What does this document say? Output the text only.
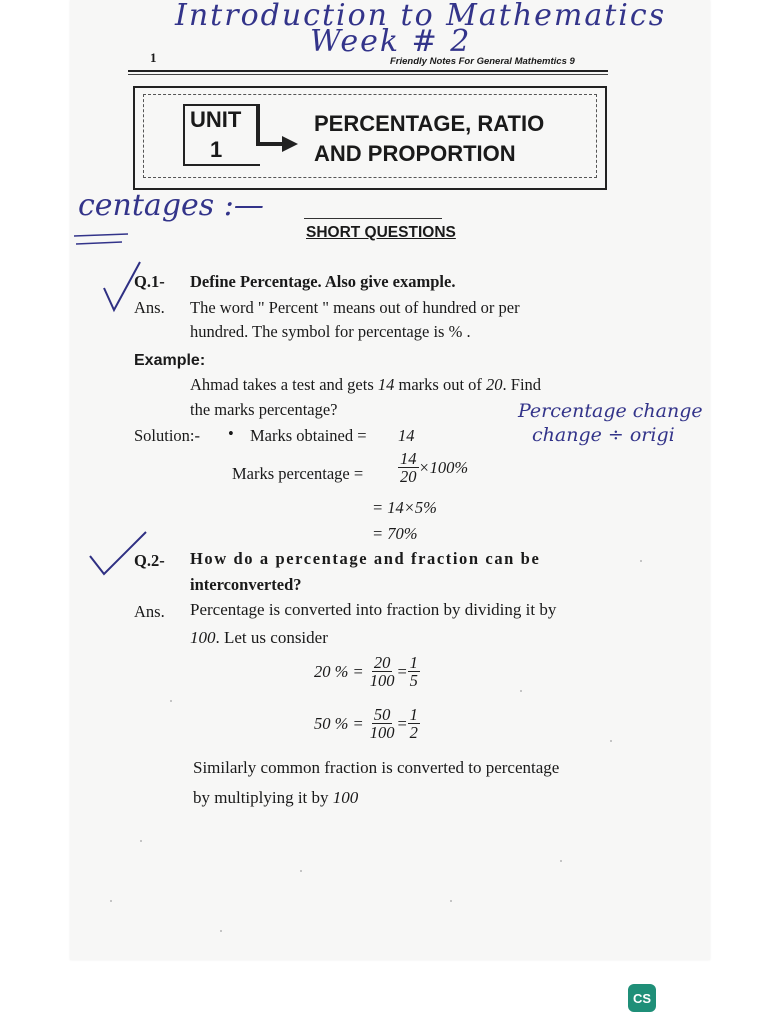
Introduction to Mathematics
Week # 2
1	Friendly Notes For General Mathemtics 9
UNIT
1
PERCENTAGE, RATIO
AND PROPORTION
centages :—
SHORT QUESTIONS
Q.1- Define Percentage. Also give example.
Ans. The word " Percent " means out of hundred or per
hundred. The symbol for percentage is % .
Example:
Ahmad takes a test and gets 14 marks out of 20. Find
the marks percentage?	Percentage change
change ÷ origi
Solution:- • Marks obtained = 14
Marks percentage = $\frac{14}{20} \times 100\%$
= 14×5%
= 70%
Q.2- How do a percentage and fraction can be
interconverted?
Ans. Percentage is converted into fraction by dividing it by
100. Let us consider
20 % = $\frac{20}{100} = \frac{1}{5}$
50 % = $\frac{50}{100} = \frac{1}{2}$
Similarly common fraction is converted to percentage
by multiplying it by 100
CS
